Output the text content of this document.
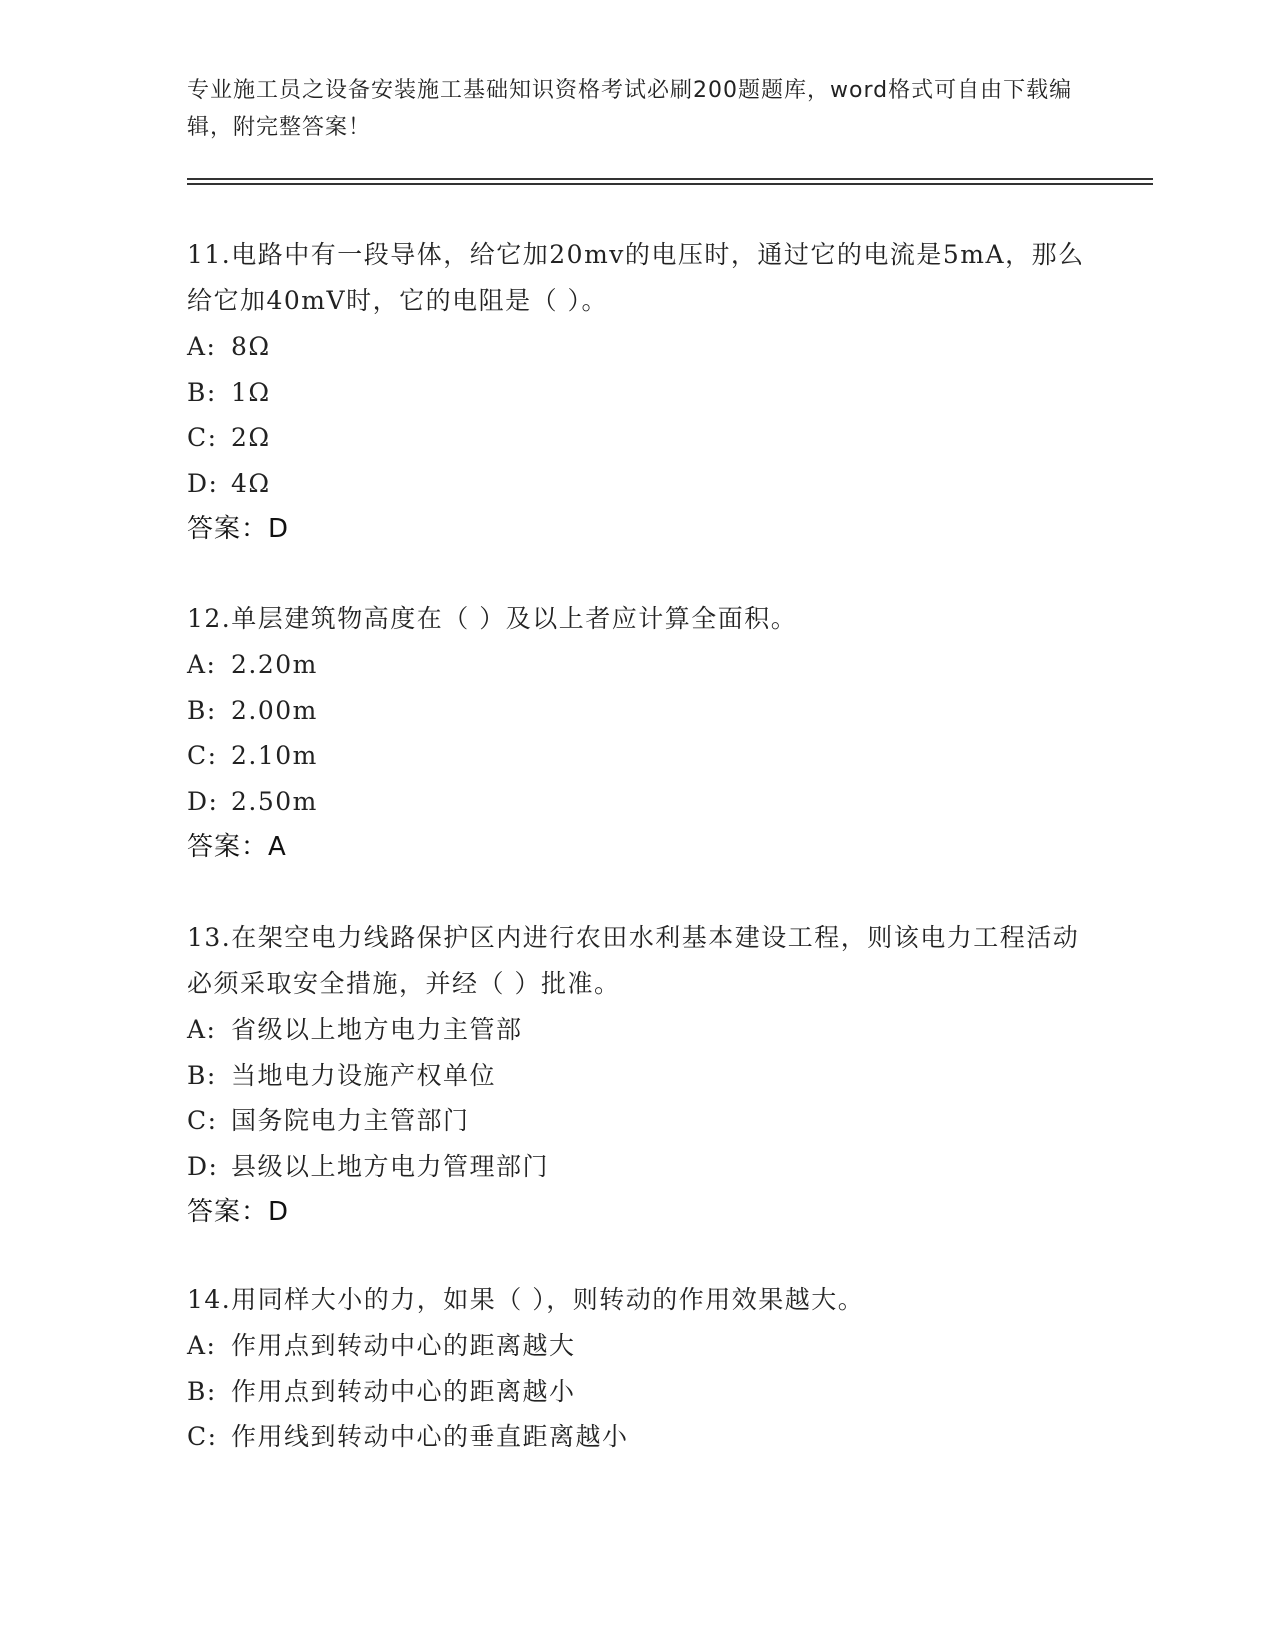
专业施工员之设备安装施工基础知识资格考试必刷200题题库，word格式可自由下载编辑，附完整答案！

11.电路中有一段导体，给它加20mv的电压时，通过它的电流是5mA，那么给它加40mV时，它的电阻是（ ）。

A: 8Ω
B: 1Ω
C: 2Ω
D: 4Ω
答案：D

12.单层建筑物高度在（ ）及以上者应计算全面积。

A: 2.20m
B: 2.00m
C: 2.10m
D: 2.50m
答案：A

13.在架空电力线路保护区内进行农田水利基本建设工程，则该电力工程活动必须采取安全措施，并经（ ）批准。

A: 省级以上地方电力主管部
B: 当地电力设施产权单位
C: 国务院电力主管部门
D: 县级以上地方电力管理部门
答案：D

14.用同样大小的力，如果（ ），则转动的作用效果越大。

A: 作用点到转动中心的距离越大
B: 作用点到转动中心的距离越小
C: 作用线到转动中心的垂直距离越小
